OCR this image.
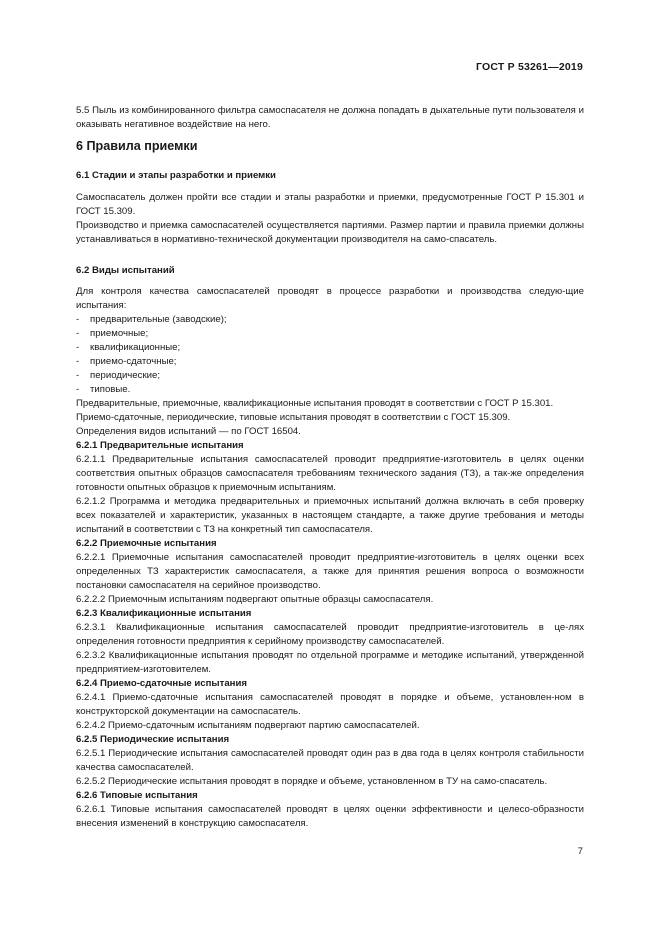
ГОСТ Р 53261—2019

5.5 Пыль из комбинированного фильтра самоспасателя не должна попадать в дыхательные пути пользователя и оказывать негативное воздействие на него.

6 Правила приемки

6.1 Стадии и этапы разработки и приемки

Самоспасатель должен пройти все стадии и этапы разработки и приемки, предусмотренные ГОСТ Р 15.301 и ГОСТ 15.309.

Производство и приемка самоспасателей осуществляется партиями. Размер партии и правила приемки должны устанавливаться в нормативно-технической документации производителя на само-спасатель.

6.2 Виды испытаний

Для контроля качества самоспасателей проводят в процессе разработки и производства следую-щие испытания:

- предварительные (заводские);

- приемочные;

- квалификационные;

- приемо-сдаточные;

- периодические;

- типовые.

Предварительные, приемочные, квалификационные испытания проводят в соответствии с ГОСТ Р 15.301.

Приемо-сдаточные, периодические, типовые испытания проводят в соответствии с ГОСТ 15.309.

Определения видов испытаний — по ГОСТ 16504.

6.2.1 Предварительные испытания

6.2.1.1 Предварительные испытания самоспасателей проводит предприятие-изготовитель в целях оценки соответствия опытных образцов самоспасателя требованиям технического задания (ТЗ), а так-же определения готовности опытных образцов к приемочным испытаниям.

6.2.1.2 Программа и методика предварительных и приемочных испытаний должна включать в себя проверку всех показателей и характеристик, указанных в настоящем стандарте, а также другие требования и методы испытаний в соответствии с ТЗ на конкретный тип самоспасателя.

6.2.2 Приемочные испытания

6.2.2.1 Приемочные испытания самоспасателей проводит предприятие-изготовитель в целях оценки всех определенных ТЗ характеристик самоспасателя, а также для принятия решения вопроса о возможности постановки самоспасателя на серийное производство.

6.2.2.2 Приемочным испытаниям подвергают опытные образцы самоспасателя.

6.2.3 Квалификационные испытания

6.2.3.1 Квалификационные испытания самоспасателей проводит предприятие-изготовитель в це-лях определения готовности предприятия к серийному производству самоспасателей.

6.2.3.2 Квалификационные испытания проводят по отдельной программе и методике испытаний, утвержденной предприятием-изготовителем.

6.2.4 Приемо-сдаточные испытания

6.2.4.1 Приемо-сдаточные испытания самоспасателей проводят в порядке и объеме, установлен-ном в конструкторской документации на самоспасатель.

6.2.4.2 Приемо-сдаточным испытаниям подвергают партию самоспасателей.

6.2.5 Периодические испытания

6.2.5.1 Периодические испытания самоспасателей проводят один раз в два года в целях контроля стабильности качества самоспасателей.

6.2.5.2 Периодические испытания проводят в порядке и объеме, установленном в ТУ на само-спасатель.

6.2.6 Типовые испытания

6.2.6.1 Типовые испытания самоспасателей проводят в целях оценки эффективности и целесо-образности внесения изменений в конструкцию самоспасателя.

7
